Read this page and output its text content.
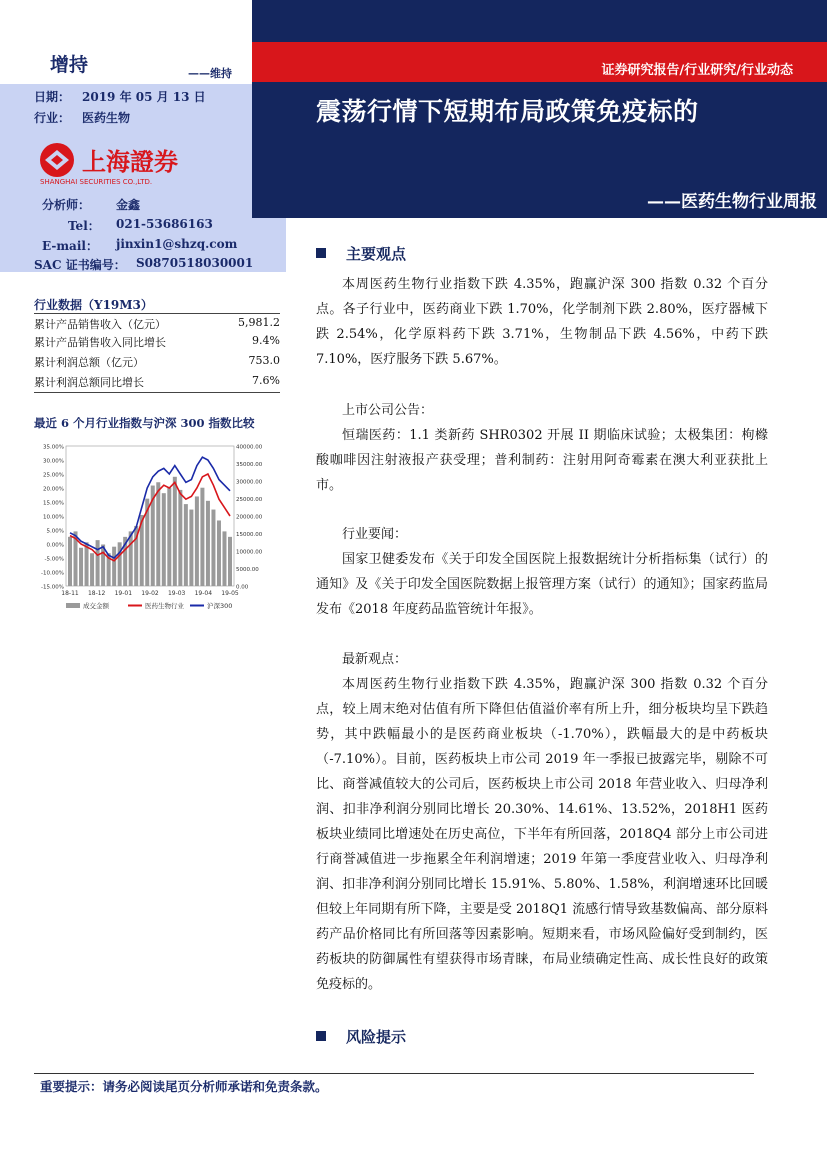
增持	——维持
日期： 2019 年 05 月 13 日
行业： 医药生物
上海證券
SHANGHAI SECURITIES CO.,LTD.
分析师： 金鑫
Tel： 021-53686163
E-mail： jinxin1@shzq.com
SAC 证书编号： S0870518030001
证券研究报告/行业研究/行业动态
震荡行情下短期布局政策免疫标的
——医药生物行业周报
行业数据（Y19M3）
累计产品销售收入（亿元）	5,981.2
累计产品销售收入同比增长	9.4%
累计利润总额（亿元）	753.0
累计利润总额同比增长	7.6%
最近 6 个月行业指数与沪深 300 指数比较
35.00%
30.00%
25.00%
20.00%
15.00%
10.00%
5.00%
0.00%
-5.00%
-10.00%
-15.00%
40000.00
35000.00
30000.00
25000.00
20000.00
15000.00
10000.00
5000.00
0.00
18-11 18-12 19-01 19-02 19-03 19-04 19-05
成交金额	医药生物行业	沪深300
主要观点
本周医药生物行业指数下跌 4.35%，跑赢沪深 300 指数 0.32 个百分点。各子行业中，医药商业下跌 1.70%，化学制剂下跌 2.80%，医疗器械下跌 2.54%，化学原料药下跌 3.71%，生物制品下跌 4.56%，中药下跌 7.10%，医疗服务下跌 5.67%。
上市公司公告：
恒瑞医药：1.1 类新药 SHR0302 开展 II 期临床试验；太极集团：枸橼酸咖啡因注射液报产获受理；普利制药：注射用阿奇霉素在澳大利亚获批上市。
行业要闻：
国家卫健委发布《关于印发全国医院上报数据统计分析指标集（试行）的通知》及《关于印发全国医院数据上报管理方案（试行）的通知》；国家药监局发布《2018 年度药品监管统计年报》。
最新观点：
本周医药生物行业指数下跌 4.35%，跑赢沪深 300 指数 0.32 个百分点，较上周末绝对估值有所下降但估值溢价率有所上升，细分板块均呈下跌趋势，其中跌幅最小的是医药商业板块（-1.70%），跌幅最大的是中药板块（-7.10%）。目前，医药板块上市公司 2019 年一季报已披露完毕，剔除不可比、商誉减值较大的公司后，医药板块上市公司 2018 年营业收入、归母净利润、扣非净利润分别同比增长 20.30%、14.61%、13.52%，2018H1 医药板块业绩同比增速处在历史高位，下半年有所回落，2018Q4 部分上市公司进行商誉减值进一步拖累全年利润增速；2019 年第一季度营业收入、归母净利润、扣非净利润分别同比增长 15.91%、5.80%、1.58%，利润增速环比回暖但较上年同期有所下降，主要是受 2018Q1 流感行情导致基数偏高、部分原料药产品价格同比有所回落等因素影响。短期来看，市场风险偏好受到制约，医药板块的防御属性有望获得市场青睐，布局业绩确定性高、成长性良好的政策免疫标的。
风险提示
重要提示：请务必阅读尾页分析师承诺和免责条款。
